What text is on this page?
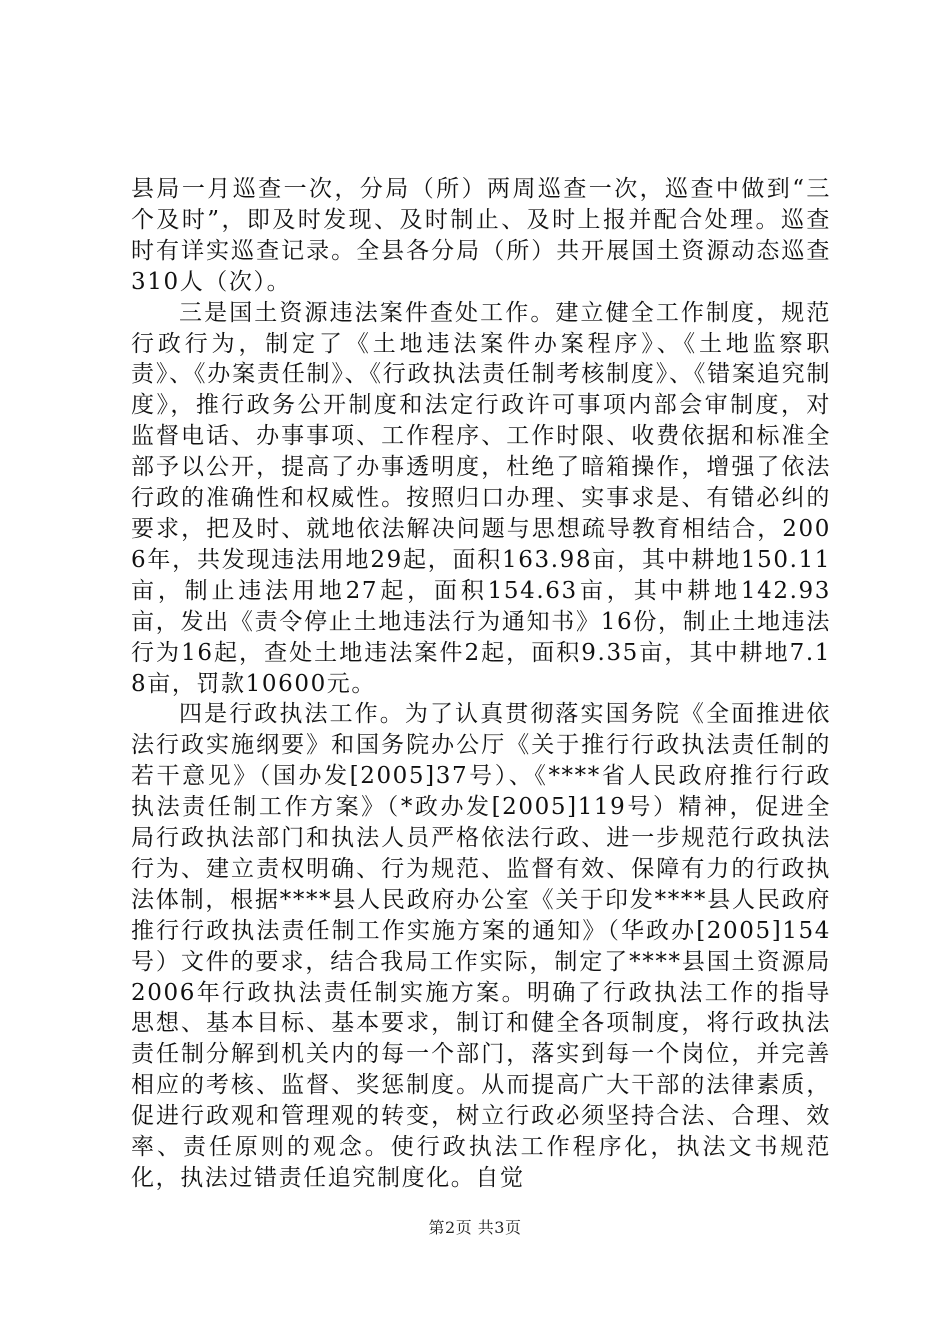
县局一月巡查一次，分局（所）两周巡查一次，巡查中做到“三个及时”，即及时发现、及时制止、及时上报并配合处理。巡查时有详实巡查记录。全县各分局（所）共开展国土资源动态巡查310人（次）。

三是国土资源违法案件查处工作。建立健全工作制度，规范行政行为，制定了《土地违法案件办案程序》、《土地监察职责》、《办案责任制》、《行政执法责任制考核制度》、《错案追究制度》，推行政务公开制度和法定行政许可事项内部会审制度，对监督电话、办事事项、工作程序、工作时限、收费依据和标准全部予以公开，提高了办事透明度，杜绝了暗箱操作，增强了依法行政的准确性和权威性。按照归口办理、实事求是、有错必纠的要求，把及时、就地依法解决问题与思想疏导教育相结合，2006年，共发现违法用地29起，面积163.98亩，其中耕地150.11亩，制止违法用地27起，面积154.63亩，其中耕地142.93亩，发出《责令停止土地违法行为通知书》16份，制止土地违法行为16起，查处土地违法案件2起，面积9.35亩，其中耕地7.18亩，罚款10600元。

四是行政执法工作。为了认真贯彻落实国务院《全面推进依法行政实施纲要》和国务院办公厅《关于推行行政执法责任制的若干意见》（国办发[2005]37号）、《****省人民政府推行行政执法责任制工作方案》（*政办发[2005]119号）精神，促进全局行政执法部门和执法人员严格依法行政、进一步规范行政执法行为、建立责权明确、行为规范、监督有效、保障有力的行政执法体制，根据****县人民政府办公室《关于印发****县人民政府推行行政执法责任制工作实施方案的通知》（华政办[2005]154号）文件的要求，结合我局工作实际，制定了****县国土资源局2006年行政执法责任制实施方案。明确了行政执法工作的指导思想、基本目标、基本要求，制订和健全各项制度，将行政执法责任制分解到机关内的每一个部门，落实到每一个岗位，并完善相应的考核、监督、奖惩制度。从而提高广大干部的法律素质，促进行政观和管理观的转变，树立行政必须坚持合法、合理、效率、责任原则的观念。使行政执法工作程序化，执法文书规范化，执法过错责任追究制度化。自觉

第2页 共3页
